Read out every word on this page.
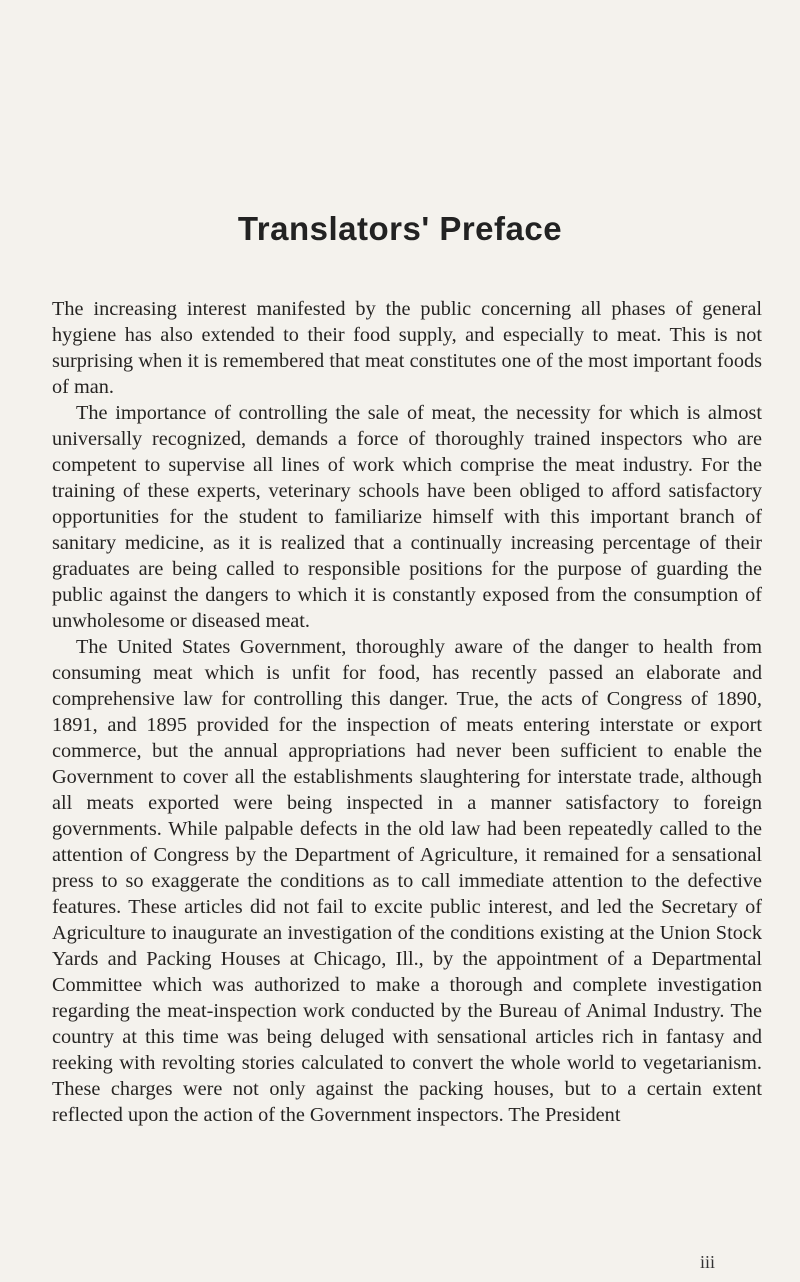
Translators' Preface

The increasing interest manifested by the public concerning all phases of general hygiene has also extended to their food supply, and especially to meat. This is not surprising when it is remembered that meat constitutes one of the most important foods of man.

The importance of controlling the sale of meat, the necessity for which is almost universally recognized, demands a force of thoroughly trained inspectors who are competent to supervise all lines of work which comprise the meat industry. For the training of these experts, veterinary schools have been obliged to afford satisfactory opportunities for the student to familiarize himself with this important branch of sanitary medicine, as it is realized that a continually increasing percentage of their graduates are being called to responsible positions for the purpose of guarding the public against the dangers to which it is constantly exposed from the consumption of unwholesome or diseased meat.

The United States Government, thoroughly aware of the danger to health from consuming meat which is unfit for food, has recently passed an elaborate and comprehensive law for controlling this danger. True, the acts of Congress of 1890, 1891, and 1895 provided for the inspection of meats entering interstate or export commerce, but the annual appropriations had never been sufficient to enable the Government to cover all the establishments slaughtering for interstate trade, although all meats exported were being inspected in a manner satisfactory to foreign governments. While palpable defects in the old law had been repeatedly called to the attention of Congress by the Department of Agriculture, it remained for a sensational press to so exaggerate the conditions as to call immediate attention to the defective features. These articles did not fail to excite public interest, and led the Secretary of Agriculture to inaugurate an investigation of the conditions existing at the Union Stock Yards and Packing Houses at Chicago, Ill., by the appointment of a Departmental Committee which was authorized to make a thorough and complete investigation regarding the meat-inspection work conducted by the Bureau of Animal Industry. The country at this time was being deluged with sensational articles rich in fantasy and reeking with revolting stories calculated to convert the whole world to vegetarianism. These charges were not only against the packing houses, but to a certain extent reflected upon the action of the Government inspectors. The President

iii
